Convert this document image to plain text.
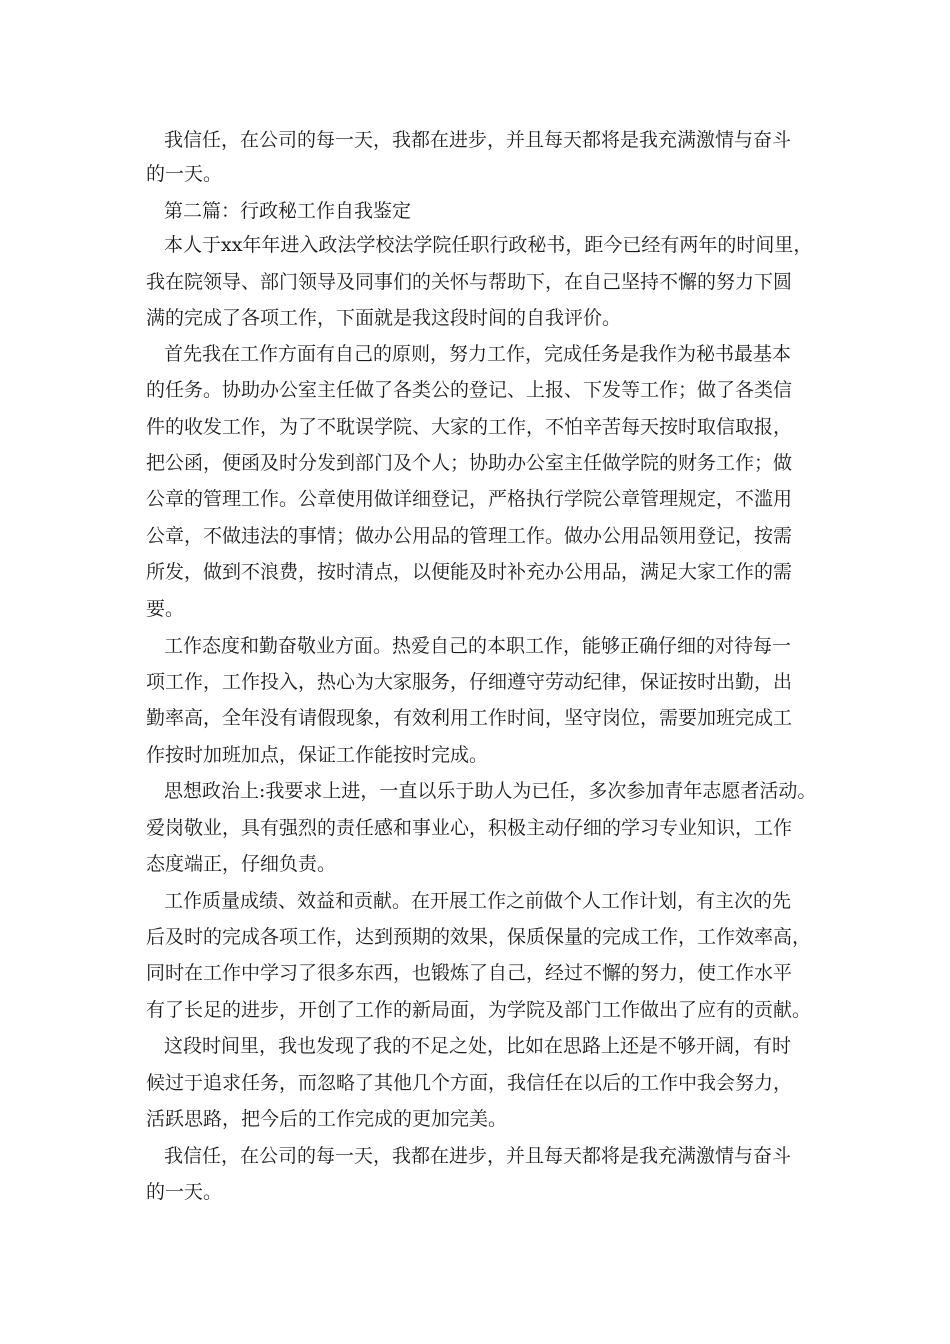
我信任，在公司的每一天，我都在进步，并且每天都将是我充满激情与奋斗
的一天。
第二篇：行政秘工作自我鉴定
本人于xx年年进入政法学校法学院任职行政秘书，距今已经有两年的时间里，
我在院领导、部门领导及同事们的关怀与帮助下，在自己坚持不懈的努力下圆
满的完成了各项工作，下面就是我这段时间的自我评价。
首先我在工作方面有自己的原则，努力工作，完成任务是我作为秘书最基本
的任务。协助办公室主任做了各类公的登记、上报、下发等工作；做了各类信
件的收发工作，为了不耽误学院、大家的工作，不怕辛苦每天按时取信取报，
把公函，便函及时分发到部门及个人；协助办公室主任做学院的财务工作；做
公章的管理工作。公章使用做详细登记，严格执行学院公章管理规定，不滥用
公章，不做违法的事情；做办公用品的管理工作。做办公用品领用登记，按需
所发，做到不浪费，按时清点，以便能及时补充办公用品，满足大家工作的需
要。
工作态度和勤奋敬业方面。热爱自己的本职工作，能够正确仔细的对待每一
项工作，工作投入，热心为大家服务，仔细遵守劳动纪律，保证按时出勤，出
勤率高，全年没有请假现象，有效利用工作时间，坚守岗位，需要加班完成工
作按时加班加点，保证工作能按时完成。
思想政治上:我要求上进，一直以乐于助人为已任，多次参加青年志愿者活动。
爱岗敬业，具有强烈的责任感和事业心，积极主动仔细的学习专业知识，工作
态度端正，仔细负责。
工作质量成绩、效益和贡献。在开展工作之前做个人工作计划，有主次的先
后及时的完成各项工作，达到预期的效果，保质保量的完成工作，工作效率高，
同时在工作中学习了很多东西，也锻炼了自己，经过不懈的努力，使工作水平
有了长足的进步，开创了工作的新局面，为学院及部门工作做出了应有的贡献。
这段时间里，我也发现了我的不足之处，比如在思路上还是不够开阔，有时
候过于追求任务，而忽略了其他几个方面，我信任在以后的工作中我会努力，
活跃思路，把今后的工作完成的更加完美。
我信任，在公司的每一天，我都在进步，并且每天都将是我充满激情与奋斗
的一天。
